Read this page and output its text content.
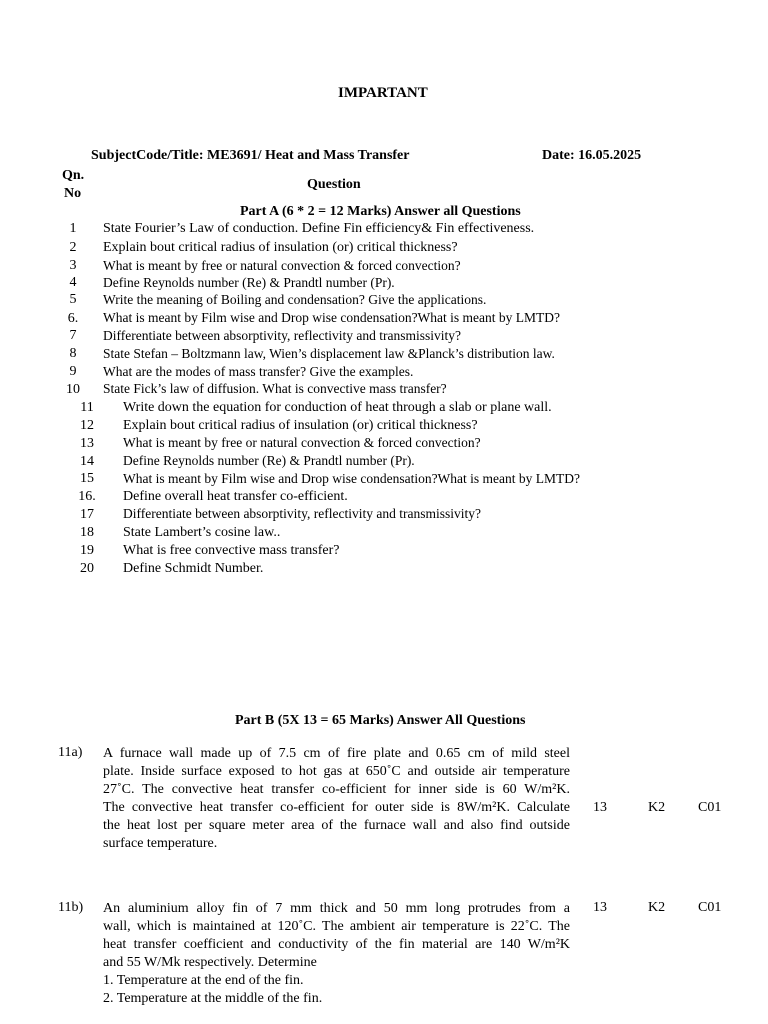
IMPARTANT
SubjectCode/Title: ME3691/ Heat and Mass Transfer	Date: 16.05.2025
Qn.
No
Question
Part A (6 * 2 = 12 Marks) Answer all Questions
1	State Fourier’s Law of conduction. Define Fin efficiency& Fin effectiveness.
2	Explain bout critical radius of insulation (or) critical thickness?
3	What is meant by free or natural convection & forced convection?
4	Define Reynolds number (Re) & Prandtl number (Pr).
5	Write the meaning of Boiling and condensation? Give the applications.
6.	What is meant by Film wise and Drop wise condensation?What is meant by LMTD?
7	Differentiate between absorptivity, reflectivity and transmissivity?
8	State Stefan – Boltzmann law, Wien’s displacement law &Planck’s distribution law.
9	What are the modes of mass transfer? Give the examples.
10	State Fick’s law of diffusion. What is convective mass transfer?
11	Write down the equation for conduction of heat through a slab or plane wall.
12	Explain bout critical radius of insulation (or) critical thickness?
13	What is meant by free or natural convection & forced convection?
14	Define Reynolds number (Re) & Prandtl number (Pr).
15	What is meant by Film wise and Drop wise condensation?What is meant by LMTD?
16.	Define overall heat transfer co-efficient.
17	Differentiate between absorptivity, reflectivity and transmissivity?
18	State Lambert’s cosine law..
19	What is free convective mass transfer?
20	Define Schmidt Number.
Part B (5X 13 = 65 Marks) Answer All Questions
11a) A furnace wall made up of 7.5 cm of fire plate and 0.65 cm of mild steel
plate. Inside surface exposed to hot gas at 650˚C and outside air temperature
27˚C. The convective heat transfer co-efficient for inner side is 60 W/m²K.
The convective heat transfer co-efficient for outer side is 8W/m²K. Calculate
the heat lost per square meter area of the furnace wall and also find outside
surface temperature.
13	K2 C01
11b) An aluminium alloy fin of 7 mm thick and 50 mm long protrudes from a
wall, which is maintained at 120˚C. The ambient air temperature is 22˚C. The
heat transfer coefficient and conductivity of the fin material are 140 W/m²K
and 55 W/Mk respectively. Determine
1. Temperature at the end of the fin.
2. Temperature at the middle of the fin.
13	K2 C01
